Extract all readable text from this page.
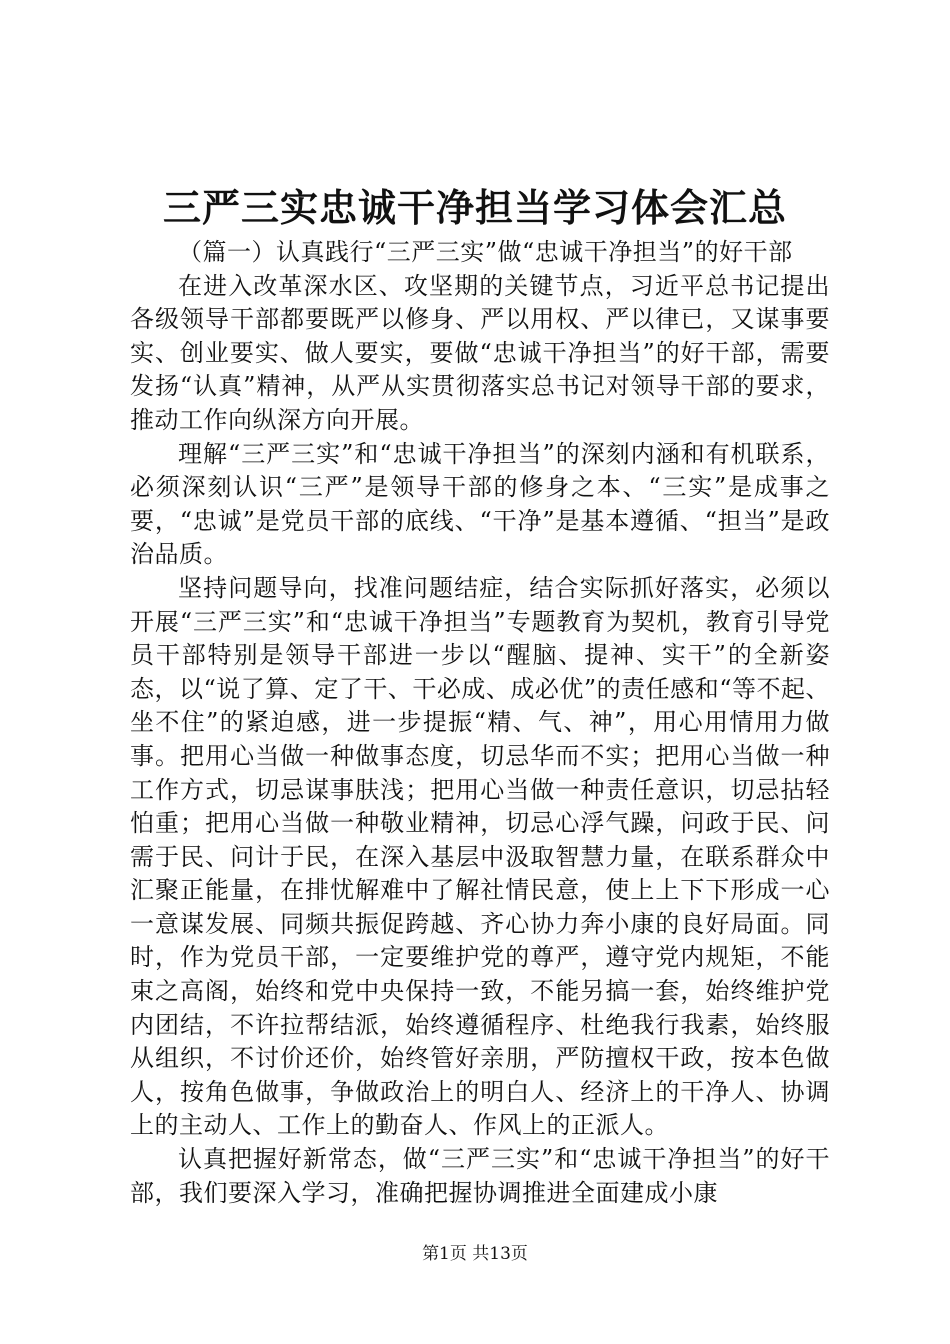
三严三实忠诚干净担当学习体会汇总

（篇一）认真践行“三严三实”做“忠诚干净担当”的好干部

在进入改革深水区、攻坚期的关键节点，习近平总书记提出各级领导干部都要既严以修身、严以用权、严以律已，又谋事要实、创业要实、做人要实，要做“忠诚干净担当”的好干部，需要发扬“认真”精神，从严从实贯彻落实总书记对领导干部的要求，推动工作向纵深方向开展。

理解“三严三实”和“忠诚干净担当”的深刻内涵和有机联系，必须深刻认识“三严”是领导干部的修身之本、“三实”是成事之要，“忠诚”是党员干部的底线、“干净”是基本遵循、“担当”是政治品质。

坚持问题导向，找准问题结症，结合实际抓好落实，必须以开展“三严三实”和“忠诚干净担当”专题教育为契机，教育引导党员干部特别是领导干部进一步以“醒脑、提神、实干”的全新姿态，以“说了算、定了干、干必成、成必优”的责任感和“等不起、坐不住”的紧迫感，进一步提振“精、气、神”，用心用情用力做事。把用心当做一种做事态度，切忌华而不实；把用心当做一种工作方式，切忌谋事肤浅；把用心当做一种责任意识，切忌拈轻怕重；把用心当做一种敬业精神，切忌心浮气躁，问政于民、问需于民、问计于民，在深入基层中汲取智慧力量，在联系群众中汇聚正能量，在排忧解难中了解社情民意，使上上下下形成一心一意谋发展、同频共振促跨越、齐心协力奔小康的良好局面。同时，作为党员干部，一定要维护党的尊严，遵守党内规矩，不能束之高阁，始终和党中央保持一致，不能另搞一套，始终维护党内团结，不许拉帮结派，始终遵循程序、杜绝我行我素，始终服从组织，不讨价还价，始终管好亲朋，严防擅权干政，按本色做人，按角色做事，争做政治上的明白人、经济上的干净人、协调上的主动人、工作上的勤奋人、作风上的正派人。

认真把握好新常态，做“三严三实”和“忠诚干净担当”的好干部，我们要深入学习，准确把握协调推进全面建成小康

第1页 共13页
